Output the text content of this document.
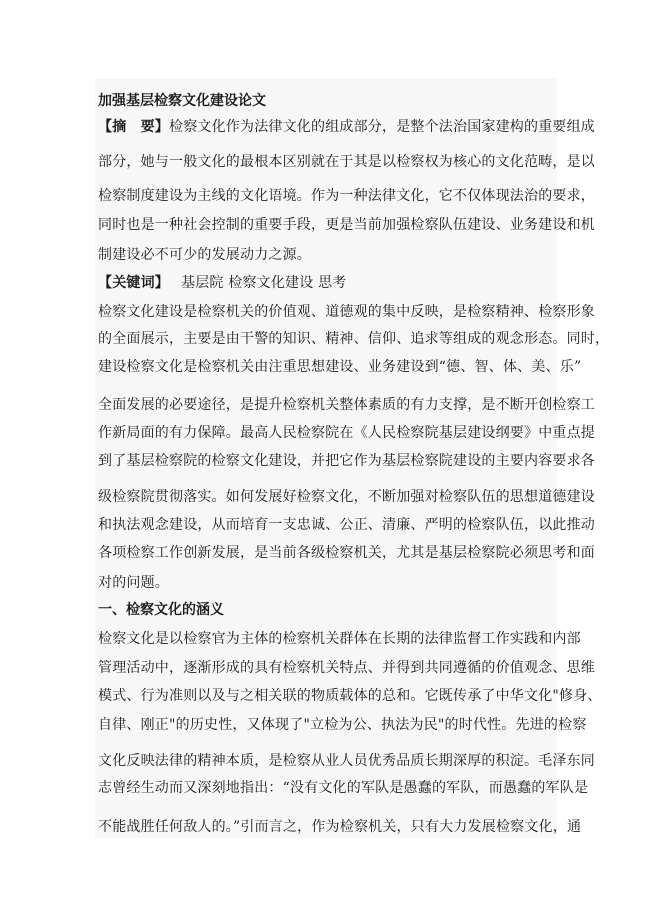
加强基层检察文化建设论文
【摘　要】检察文化作为法律文化的组成部分，是整个法治国家建构的重要组成
部分，她与一般文化的最根本区别就在于其是以检察权为核心的文化范畴，是以
检察制度建设为主线的文化语境。作为一种法律文化，它不仅体现法治的要求，
同时也是一种社会控制的重要手段，更是当前加强检察队伍建设、业务建设和机
制建设必不可少的发展动力之源。
【关键词】 基层院 检察文化建设 思考
检察文化建设是检察机关的价值观、道德观的集中反映，是检察精神、检察形象
的全面展示，主要是由干警的知识、精神、信仰、追求等组成的观念形态。同时，
建设检察文化是检察机关由注重思想建设、业务建设到“德、智、体、美、乐”
全面发展的必要途径，是提升检察机关整体素质的有力支撑，是不断开创检察工
作新局面的有力保障。最高人民检察院在《人民检察院基层建设纲要》中重点提
到了基层检察院的检察文化建设，并把它作为基层检察院建设的主要内容要求各
级检察院贯彻落实。如何发展好检察文化，不断加强对检察队伍的思想道德建设
和执法观念建设，从而培育一支忠诚、公正、清廉、严明的检察队伍，以此推动
各项检察工作创新发展，是当前各级检察机关，尤其是基层检察院必须思考和面
对的问题。
一、检察文化的涵义
检察文化是以检察官为主体的检察机关群体在长期的法律监督工作实践和内部
管理活动中，逐渐形成的具有检察机关特点、并得到共同遵循的价值观念、思维
模式、行为准则以及与之相关联的物质载体的总和。它既传承了中华文化"修身、
自律、刚正"的历史性，又体现了"立检为公、执法为民"的时代性。先进的检察
文化反映法律的精神本质，是检察从业人员优秀品质长期深厚的积淀。毛泽东同
志曾经生动而又深刻地指出：“没有文化的军队是愚蠢的军队，而愚蠢的军队是
不能战胜任何敌人的。”引而言之，作为检察机关，只有大力发展检察文化，通
